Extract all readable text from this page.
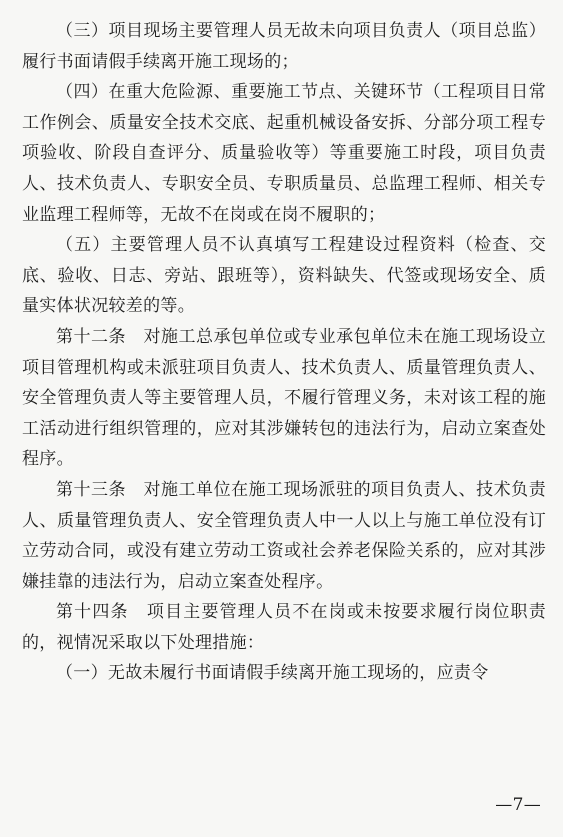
（三）项目现场主要管理人员无故未向项目负责人（项目总监）履行书面请假手续离开施工现场的；

（四）在重大危险源、重要施工节点、关键环节（工程项目日常工作例会、质量安全技术交底、起重机械设备安拆、分部分项工程专项验收、阶段自查评分、质量验收等）等重要施工时段，项目负责人、技术负责人、专职安全员、专职质量员、总监理工程师、相关专业监理工程师等，无故不在岗或在岗不履职的；

（五）主要管理人员不认真填写工程建设过程资料（检查、交底、验收、日志、旁站、跟班等），资料缺失、代签或现场安全、质量实体状况较差的等。

第十二条　对施工总承包单位或专业承包单位未在施工现场设立项目管理机构或未派驻项目负责人、技术负责人、质量管理负责人、安全管理负责人等主要管理人员，不履行管理义务，未对该工程的施工活动进行组织管理的，应对其涉嫌转包的违法行为，启动立案查处程序。

第十三条　对施工单位在施工现场派驻的项目负责人、技术负责人、质量管理负责人、安全管理负责人中一人以上与施工单位没有订立劳动合同，或没有建立劳动工资或社会养老保险关系的，应对其涉嫌挂靠的违法行为，启动立案查处程序。

第十四条　项目主要管理人员不在岗或未按要求履行岗位职责的，视情况采取以下处理措施：

（一）无故未履行书面请假手续离开施工现场的，应责令

—7—
